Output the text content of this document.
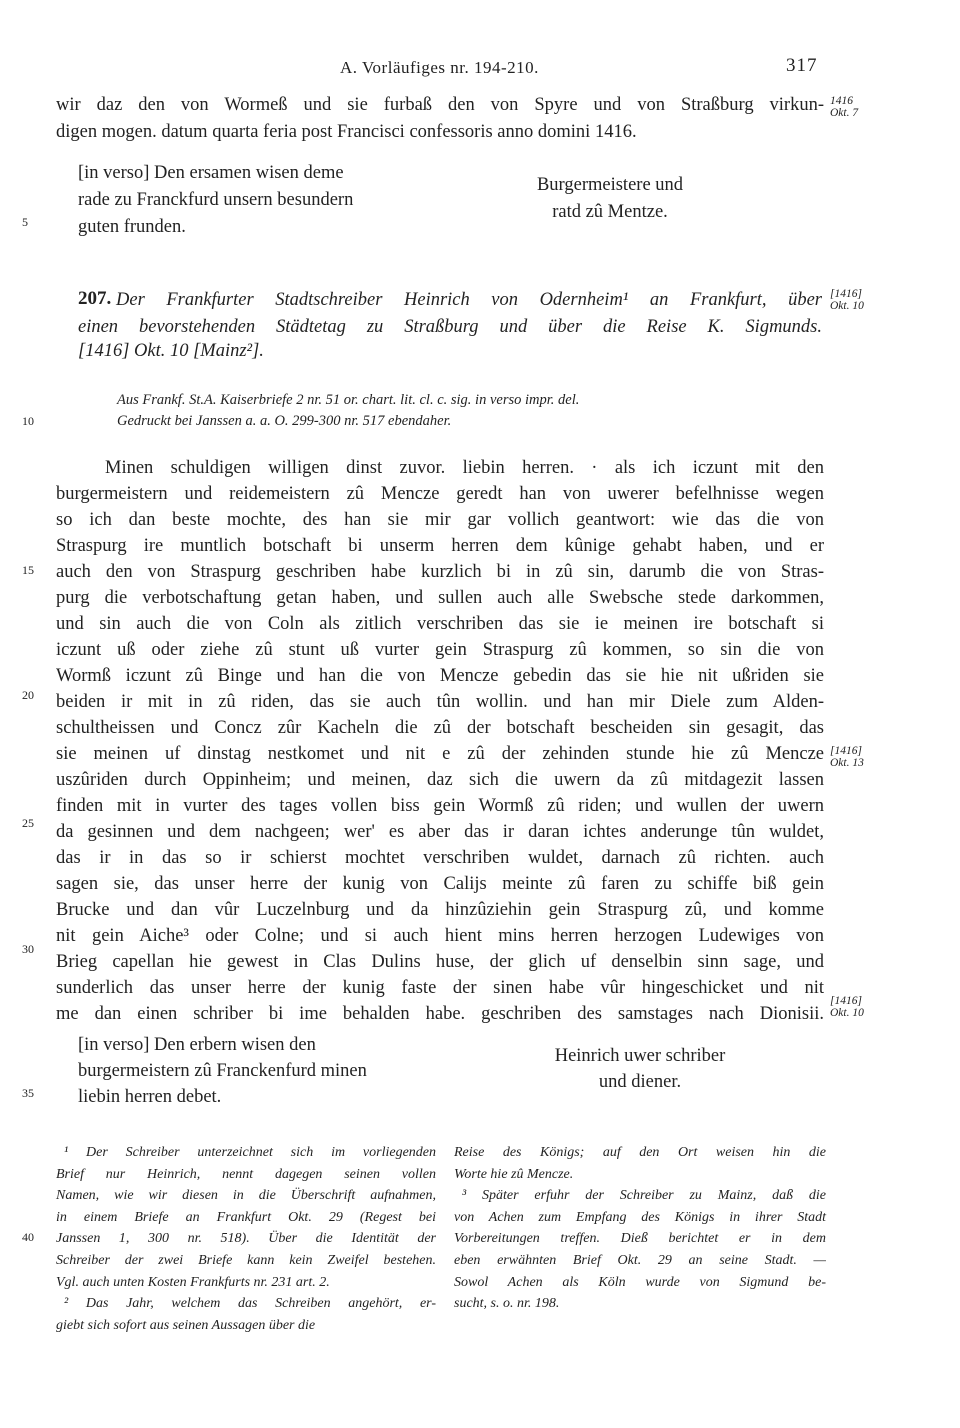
A. Vorläufiges nr. 194-210.	317
wir daz den von Wormeß und sie furbaß den von Spyre und von Straßburg virkun-
digen mogen. datum quarta feria post Francisci confessoris anno domini 1416.
1416
Okt. 7
[in verso] Den ersamen wisen deme
rade zu Franckfurd unsern besundern
guten frunden.
Burgermeistere und
ratd zû Mentze.
5
10
15
20
25
30
35
40
207. Der Frankfurter Stadtschreiber Heinrich von Odernheim¹ an Frankfurt, über
einen bevorstehenden Städtetag zu Straßburg und über die Reise K. Sigmunds.
[1416] Okt. 10 [Mainz²].
[1416]
Okt. 10
Aus Frankf. St.A. Kaiserbriefe 2 nr. 51 or. chart. lit. cl. c. sig. in verso impr. del.
Gedruckt bei Janssen a. a. O. 299-300 nr. 517 ebendaher.
Minen schuldigen willigen dinst zuvor. liebin herren. · als ich iczunt mit den
burgermeistern und reidemeistern zû Mencze geredt han von uwerer befelhnisse wegen
so ich dan beste mochte, des han sie mir gar vollich geantwort: wie das die von
Straspurg ire muntlich botschaft bi unserm herren dem kûnige gehabt haben, und er
auch den von Straspurg geschriben habe kurzlich bi in zû sin, darumb die von Stras-
purg die verbotschaftung getan haben, und sullen auch alle Swebsche stede darkommen,
und sin auch die von Coln als zitlich verschriben das sie ie meinen ire botschaft si
iczunt uß oder ziehe zû stunt uß vurter gein Straspurg zû kommen, so sin die von
Wormß iczunt zû Binge und han die von Mencze gebedin das sie hie nit ußriden sie
beiden ir mit in zû riden, das sie auch tûn wollin. und han mir Diele zum Alden-
schultheissen und Concz zûr Kacheln die zû der botschaft bescheiden sin gesagit, das
sie meinen uf dinstag nestkomet und nit e zû der zehinden stunde hie zû Mencze
uszûriden durch Oppinheim; und meinen, daz sich die uwern da zû mitdagezit lassen
finden mit in vurter des tages vollen biss gein Wormß zû riden; und wullen der uwern
da gesinnen und dem nachgeen; wer' es aber das ir daran ichtes anderunge tûn wuldet,
das ir in das so ir schierst mochtet verschriben wuldet, darnach zû richten. auch
sagen sie, das unser herre der kunig von Calijs meinte zû faren zu schiffe biß gein
Brucke und dan vûr Luczelnburg und da hinzûziehin gein Straspurg zû, und komme
nit gein Aiche³ oder Colne; und si auch hient mins herren herzogen Ludewiges von
Brieg capellan hie gewest in Clas Dulins huse, der glich uf denselbin sinn sage, und
sunderlich das unser herre der kunig faste der sinen habe vûr hingeschicket und nit
me dan einen schriber bi ime behalden habe. geschriben des samstages nach Dionisii.
[1416]
Okt. 13
[1416]
Okt. 10
[in verso] Den erbern wisen den
burgermeistern zû Franckenfurd minen
liebin herren debet.
Heinrich uwer schriber
und diener.
¹ Der Schreiber unterzeichnet sich im vorliegenden
Brief nur Heinrich, nennt dagegen seinen vollen
Namen, wie wir diesen in die Überschrift aufnahmen,
in einem Briefe an Frankfurt Okt. 29 (Regest bei
Janssen 1, 300 nr. 518). Über die Identität der
Schreiber der zwei Briefe kann kein Zweifel bestehen.
Vgl. auch unten Kosten Frankfurts nr. 231 art. 2.
² Das Jahr, welchem das Schreiben angehört, er-
giebt sich sofort aus seinen Aussagen über die
Reise des Königs; auf den Ort weisen hin die
Worte hie zû Mencze.
³ Später erfuhr der Schreiber zu Mainz, daß die
von Achen zum Empfang des Königs in ihrer Stadt
Vorbereitungen treffen. Dieß berichtet er in dem
eben erwähnten Brief Okt. 29 an seine Stadt. —
Sowol Achen als Köln wurde von Sigmund be-
sucht, s. o. nr. 198.
